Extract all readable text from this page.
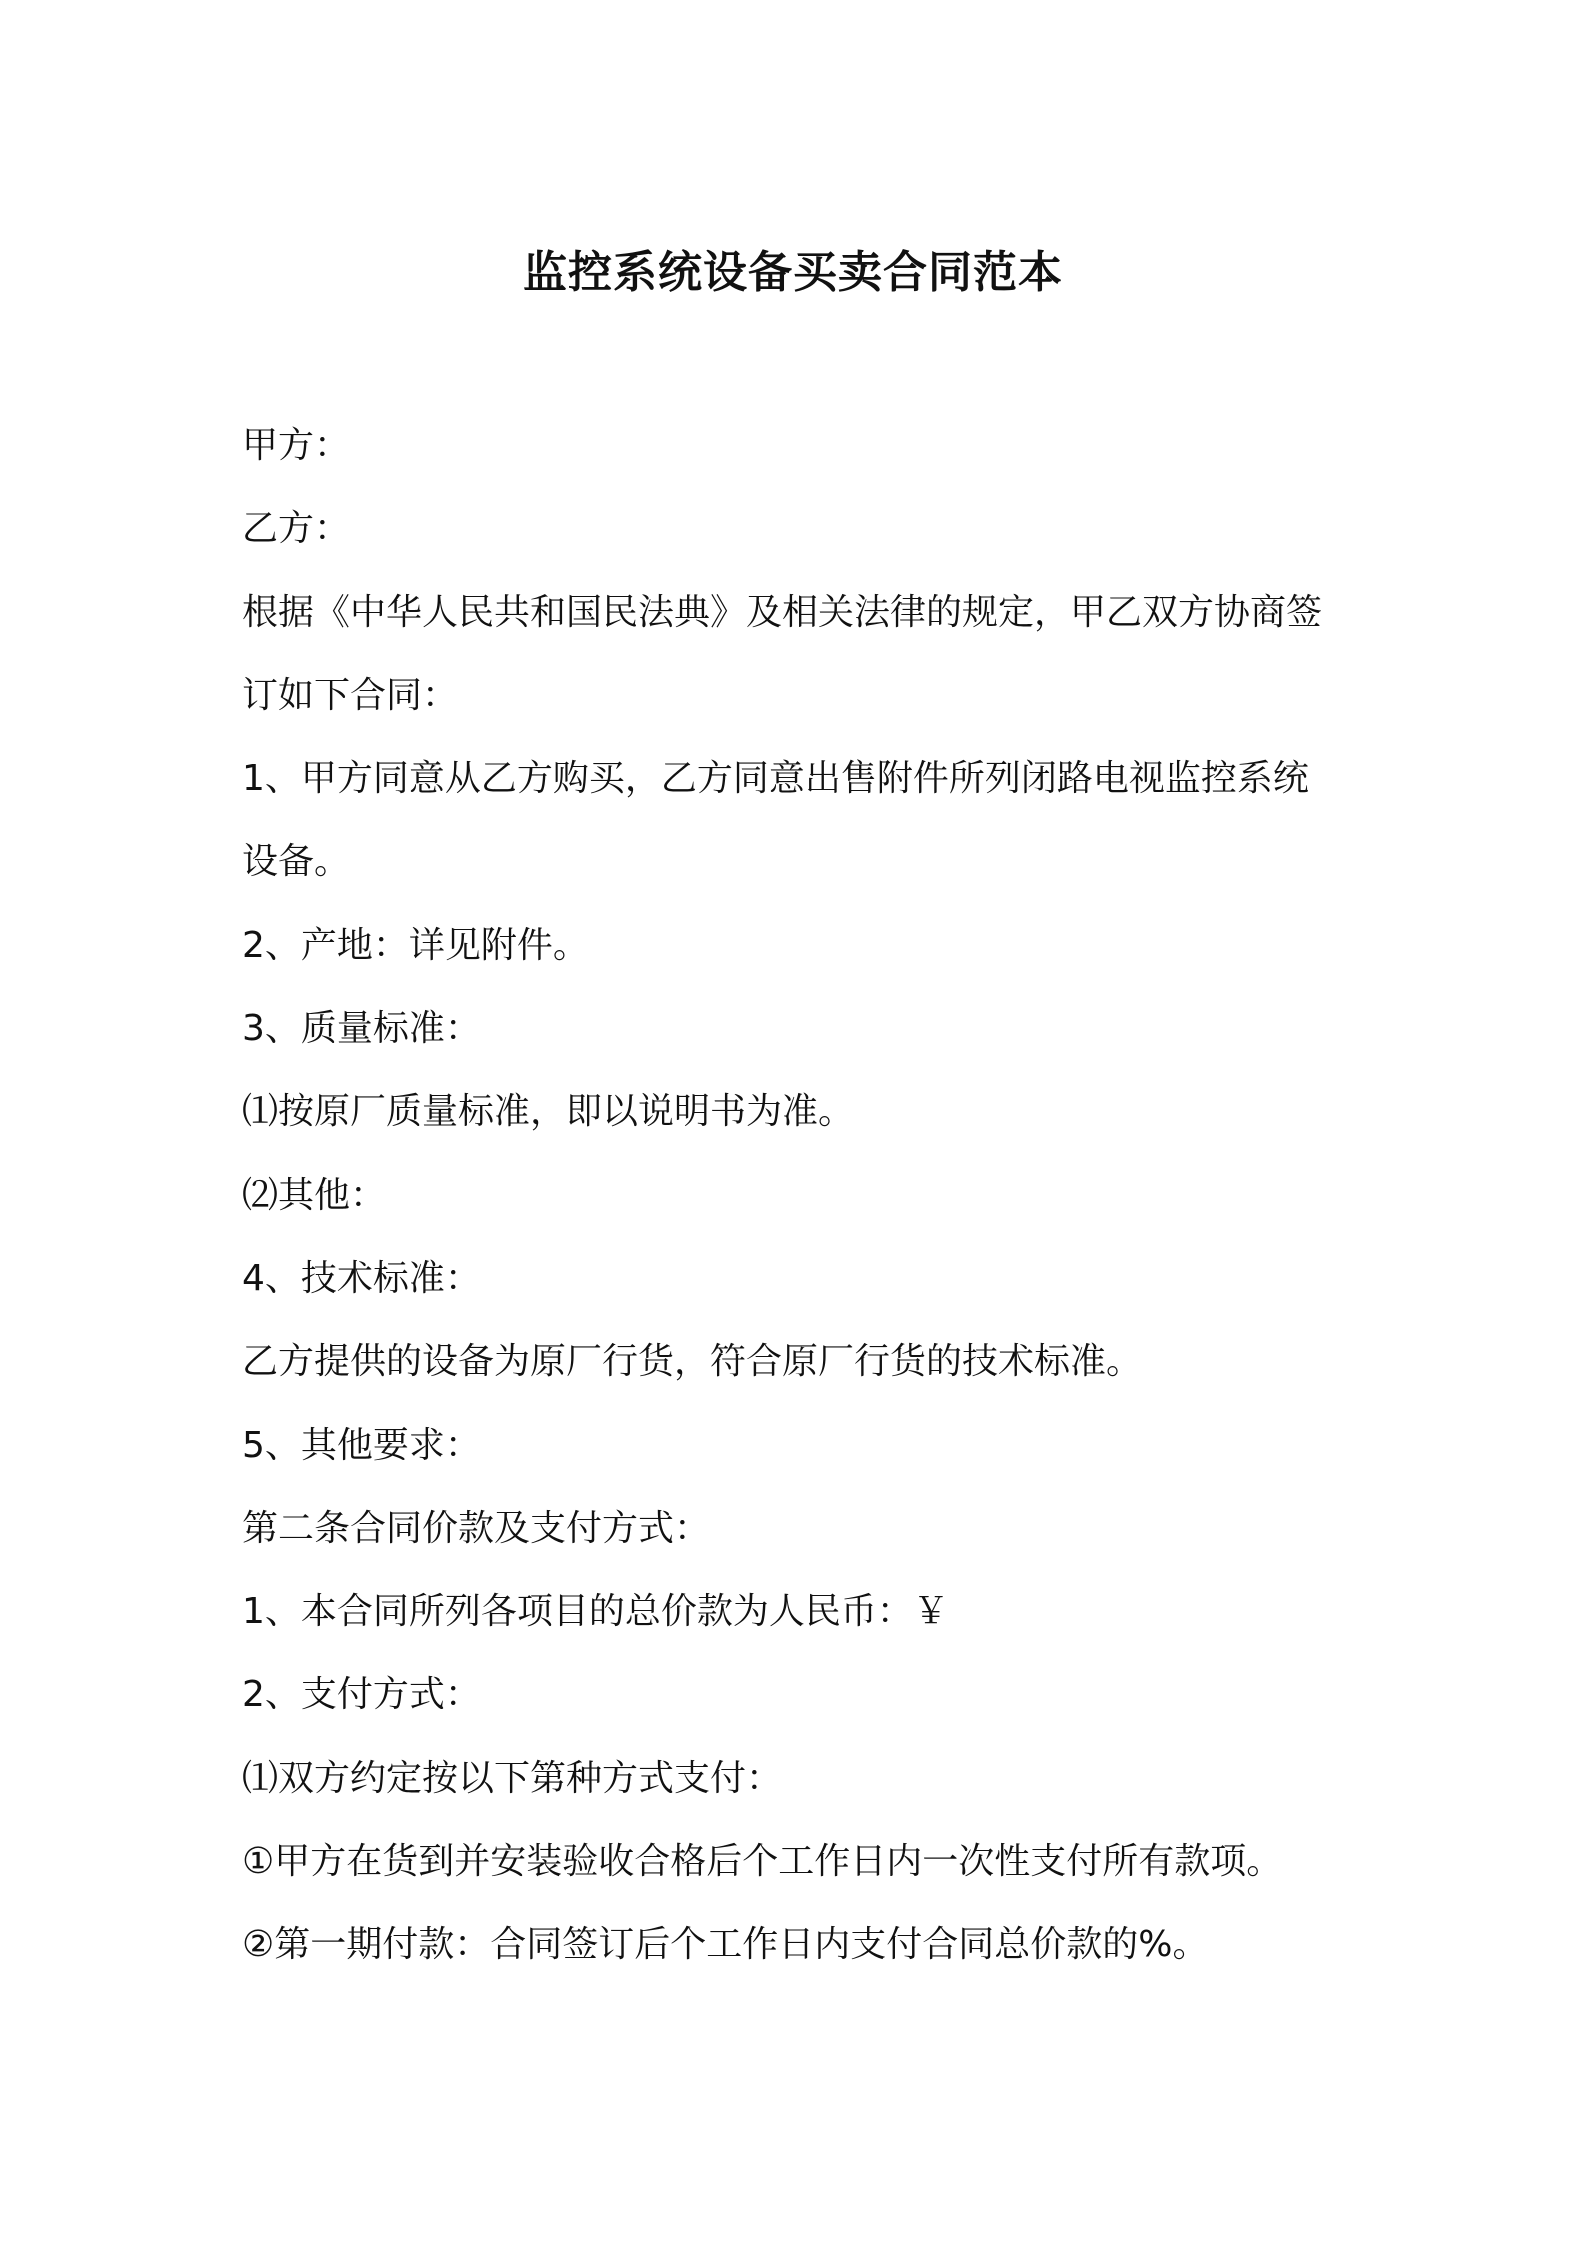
监控系统设备买卖合同范本

甲方：

乙方：

根据《中华人民共和国民法典》及相关法律的规定，甲乙双方协商签

订如下合同：

1、甲方同意从乙方购买，乙方同意出售附件所列闭路电视监控系统

设备。

2、产地：详见附件。

3、质量标准：

⑴按原厂质量标准，即以说明书为准。

⑵其他：

4、技术标准：

乙方提供的设备为原厂行货，符合原厂行货的技术标准。

5、其他要求：

第二条合同价款及支付方式：

1、本合同所列各项目的总价款为人民币：￥

2、支付方式：

⑴双方约定按以下第种方式支付：

①甲方在货到并安装验收合格后个工作日内一次性支付所有款项。

②第一期付款：合同签订后个工作日内支付合同总价款的%。
